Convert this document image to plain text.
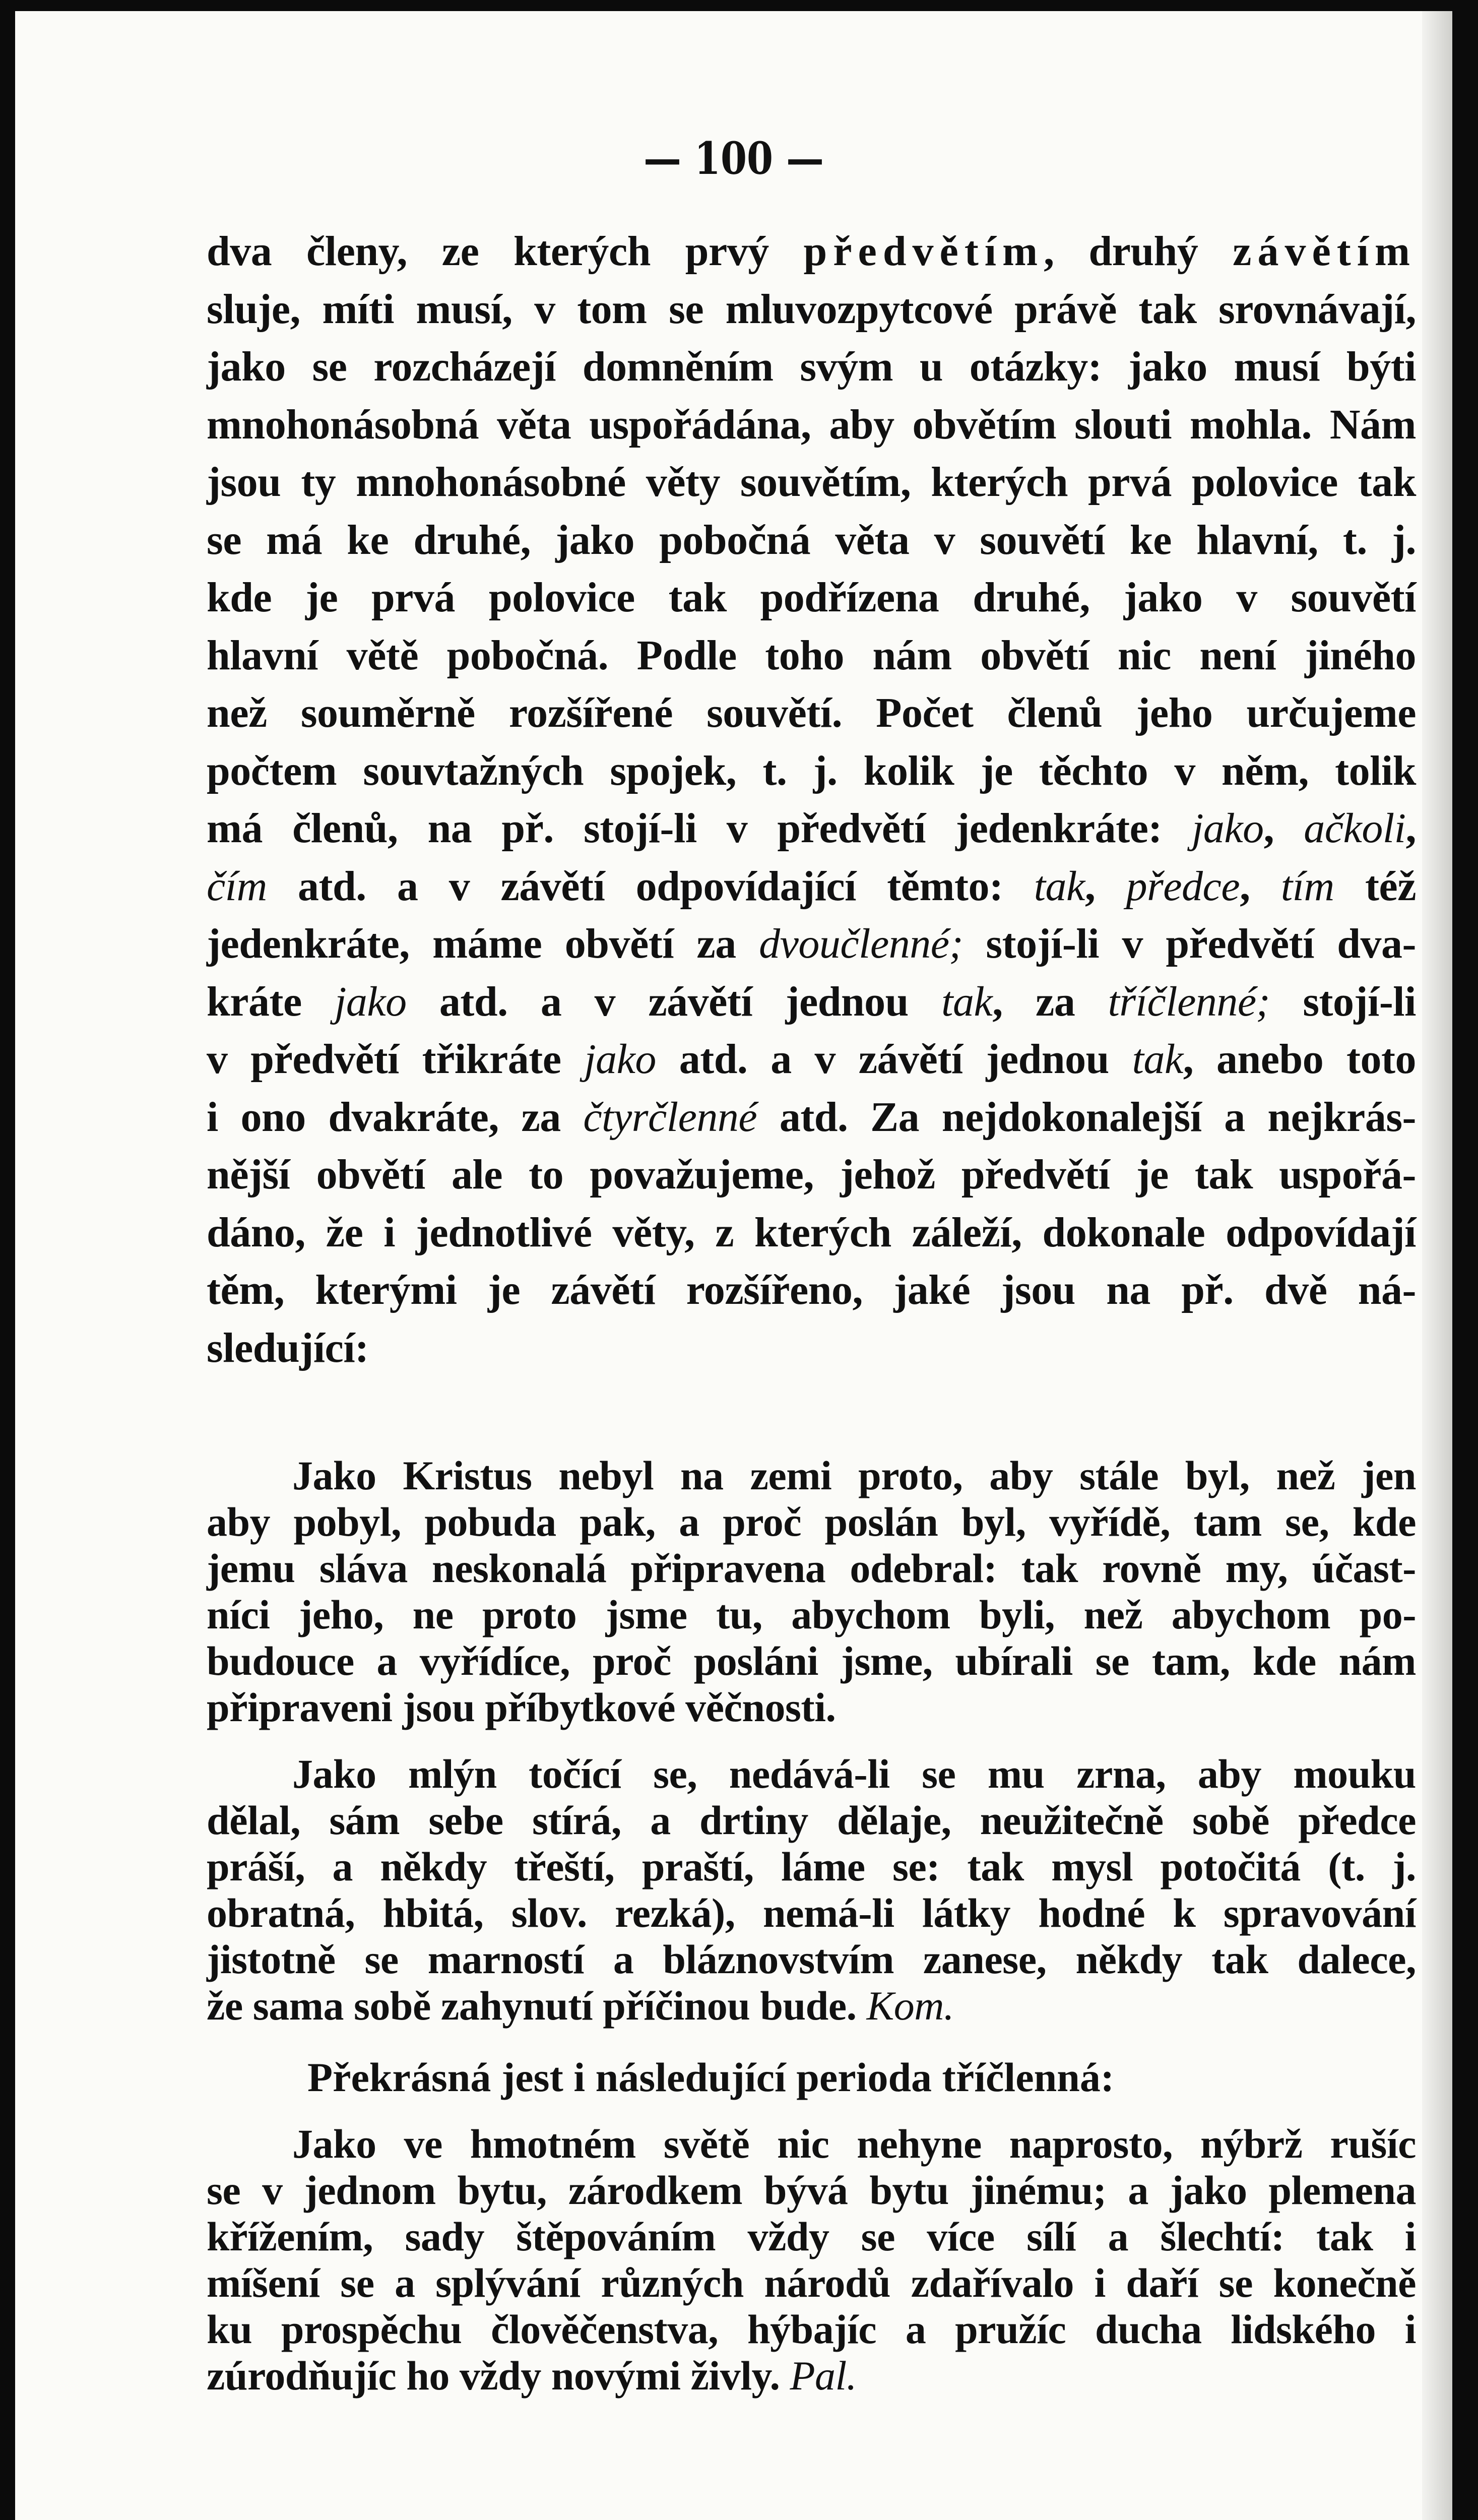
— 100 —

dva členy, ze kterých prvý předvětím, druhý závětím

sluje, míti musí, v tom se mluvozpytcové právě tak srovnávají,

jako se rozcházejí domněním svým u otázky: jako musí býti

mnohonásobná věta uspořádána, aby obvětím slouti mohla. Nám

jsou ty mnohonásobné věty souvětím, kterých prvá polovice tak

se má ke druhé, jako pobočná věta v souvětí ke hlavní, t. j.

kde je prvá polovice tak podřízena druhé, jako v souvětí

hlavní větě pobočná. Podle toho nám obvětí nic není jiného

než souměrně rozšířené souvětí. Počet členů jeho určujeme

počtem souvtažných spojek, t. j. kolik je těchto v něm, tolik

má členů, na př. stojí-li v předvětí jedenkráte: jako, ačkoli,

čím atd. a v závětí odpovídající těmto: tak, předce, tím též

jedenkráte, máme obvětí za dvoučlenné; stojí-li v předvětí dva-

kráte jako atd. a v závětí jednou tak, za tříčlenné; stojí-li

v předvětí třikráte jako atd. a v závětí jednou tak, anebo toto

i ono dvakráte, za čtyrčlenné atd. Za nejdokonalejší a nejkrás-

nější obvětí ale to považujeme, jehož předvětí je tak uspořá-

dáno, že i jednotlivé věty, z kterých záleží, dokonale odpovídají

těm, kterými je závětí rozšířeno, jaké jsou na př. dvě ná-

sledující:

Jako Kristus nebyl na zemi proto, aby stále byl, než jen

aby pobyl, pobuda pak, a proč poslán byl, vyřídě, tam se, kde

jemu sláva neskonalá připravena odebral: tak rovně my, účast-

níci jeho, ne proto jsme tu, abychom byli, než abychom po-

budouce a vyřídíce, proč posláni jsme, ubírali se tam, kde nám

připraveni jsou příbytkové věčnosti.

Jako mlýn točící se, nedává-li se mu zrna, aby mouku

dělal, sám sebe stírá, a drtiny dělaje, neužitečně sobě předce

práší, a někdy třeští, praští, láme se: tak mysl potočitá (t. j.

obratná, hbitá, slov. rezká), nemá-li látky hodné k spravování

jistotně se marností a bláznovstvím zanese, někdy tak dalece,

že sama sobě zahynutí příčinou bude. Kom.

Překrásná jest i následující perioda tříčlenná:

Jako ve hmotném světě nic nehyne naprosto, nýbrž rušíc

se v jednom bytu, zárodkem bývá bytu jinému; a jako plemena

křížením, sady štěpováním vždy se více sílí a šlechtí: tak i

míšení se a splývání různých národů zdařívalo i daří se konečně

ku prospěchu člověčenstva, hýbajíc a pružíc ducha lidského i

zúrodňujíc ho vždy novými živly. Pal.
